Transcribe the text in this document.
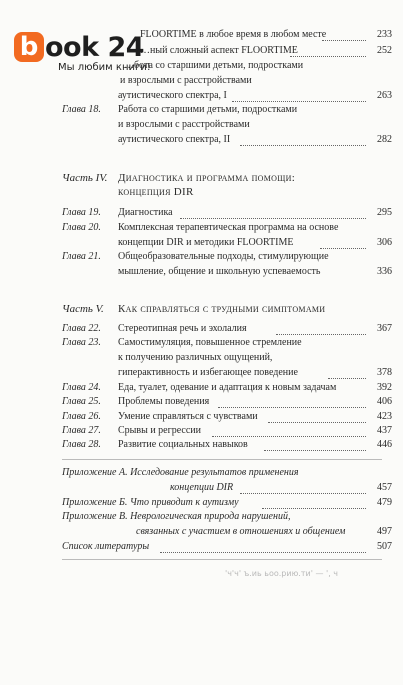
b ook 24
Мы любим книги!
FLOORTIME в любое время в любом месте	233
…ный сложный аспект FLOORTIME	252
…бота со старшими детьми, подростками
и взрослыми с расстройствами
аутистического спектра, I	263
Глава 18. Работа со старшими детьми, подростками
и взрослыми с расстройствами
аутистического спектра, II	282
Часть IV. Диагностика и программа помощи:
концепция DIR
Глава 19. Диагностика	295
Глава 20. Комплексная терапевтическая программа на основе
концепции DIR и методики FLOORTIME	306
Глава 21. Общеобразовательные подходы, стимулирующие
мышление, общение и школьную успеваемость	336
Часть V. Как справляться с трудными симптомами
Глава 22. Стереотипная речь и эхолалия	367
Глава 23. Самостимуляция, повышенное стремление
к получению различных ощущений,
гиперактивность и избегающее поведение	378
Глава 24. Еда, туалет, одевание и адаптация к новым задачам	392
Глава 25. Проблемы поведения	406
Глава 26. Умение справляться с чувствами	423
Глава 27. Срывы и регрессии	437
Глава 28. Развитие социальных навыков	446
Приложение А. Исследование результатов применения
концепции DIR	457
Приложение Б. Что приводит к аутизму	479
Приложение В. Неврологическая природа нарушений,
связанных с участием в отношениях и общением	497
Список литературы	507
'ч'ч' ъ.иь ьоо.рию.ти' — ', ч
